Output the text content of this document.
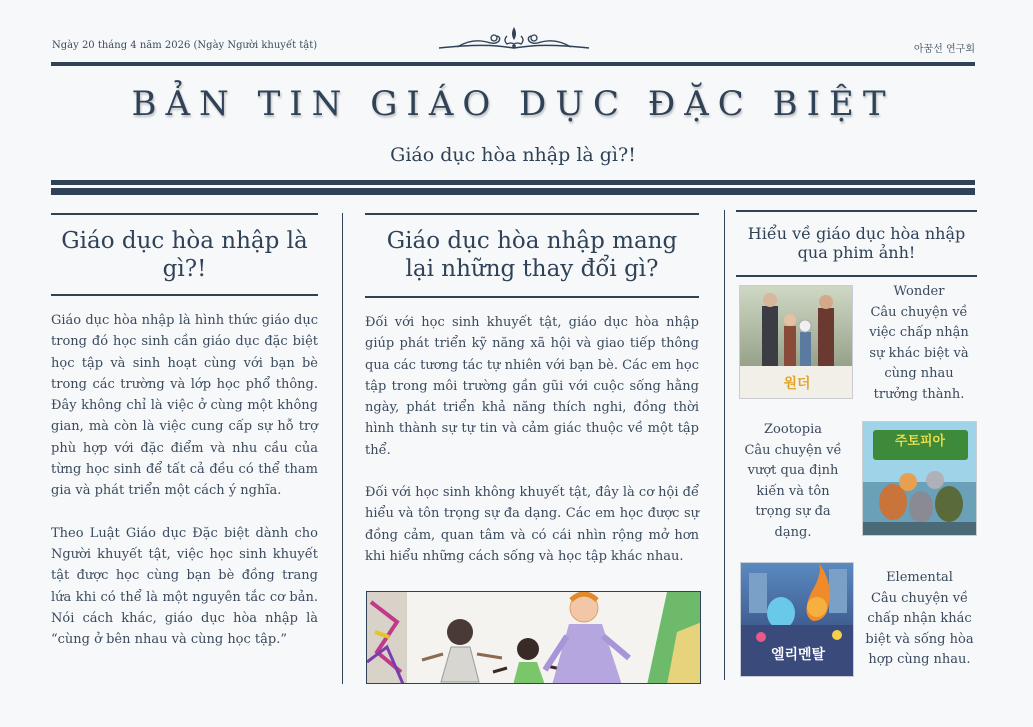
Ngày 20 tháng 4 năm 2026 (Ngày Người khuyết tật)	아꿈선 연구회
BẢN TIN GIÁO DỤC ĐẶC BIỆT
Giáo dục hòa nhập là gì?!
Giáo dục hòa nhập là gì?!

Giáo dục hòa nhập là hình thức giáo dục trong đó học sinh cần giáo dục đặc biệt học tập và sinh hoạt cùng với bạn bè trong các trường và lớp học phổ thông. Đây không chỉ là việc ở cùng một không gian, mà còn là việc cung cấp sự hỗ trợ phù hợp với đặc điểm và nhu cầu của từng học sinh để tất cả đều có thể tham gia và phát triển một cách ý nghĩa.

Theo Luật Giáo dục Đặc biệt dành cho Người khuyết tật, việc học sinh khuyết tật được học cùng bạn bè đồng trang lứa khi có thể là một nguyên tắc cơ bản. Nói cách khác, giáo dục hòa nhập là “cùng ở bên nhau và cùng học tập.”

Giáo dục hòa nhập mang lại những thay đổi gì?

Đối với học sinh khuyết tật, giáo dục hòa nhập giúp phát triển kỹ năng xã hội và giao tiếp thông qua các tương tác tự nhiên với bạn bè. Các em học tập trong môi trường gần gũi với cuộc sống hằng ngày, phát triển khả năng thích nghi, đồng thời hình thành sự tự tin và cảm giác thuộc về một tập thể.

Đối với học sinh không khuyết tật, đây là cơ hội để hiểu và tôn trọng sự đa dạng. Các em học được sự đồng cảm, quan tâm và có cái nhìn rộng mở hơn khi hiểu những cách sống và học tập khác nhau.

Hiểu về giáo dục hòa nhập qua phim ảnh!
원더
Wonder
Câu chuyện về việc chấp nhận sự khác biệt và cùng nhau trưởng thành.
Zootopia
Câu chuyện về vượt qua định kiến và tôn trọng sự đa dạng.
주토피아
Elemental
Câu chuyện về chấp nhận khác biệt và sống hòa hợp cùng nhau.
엘리멘탈
